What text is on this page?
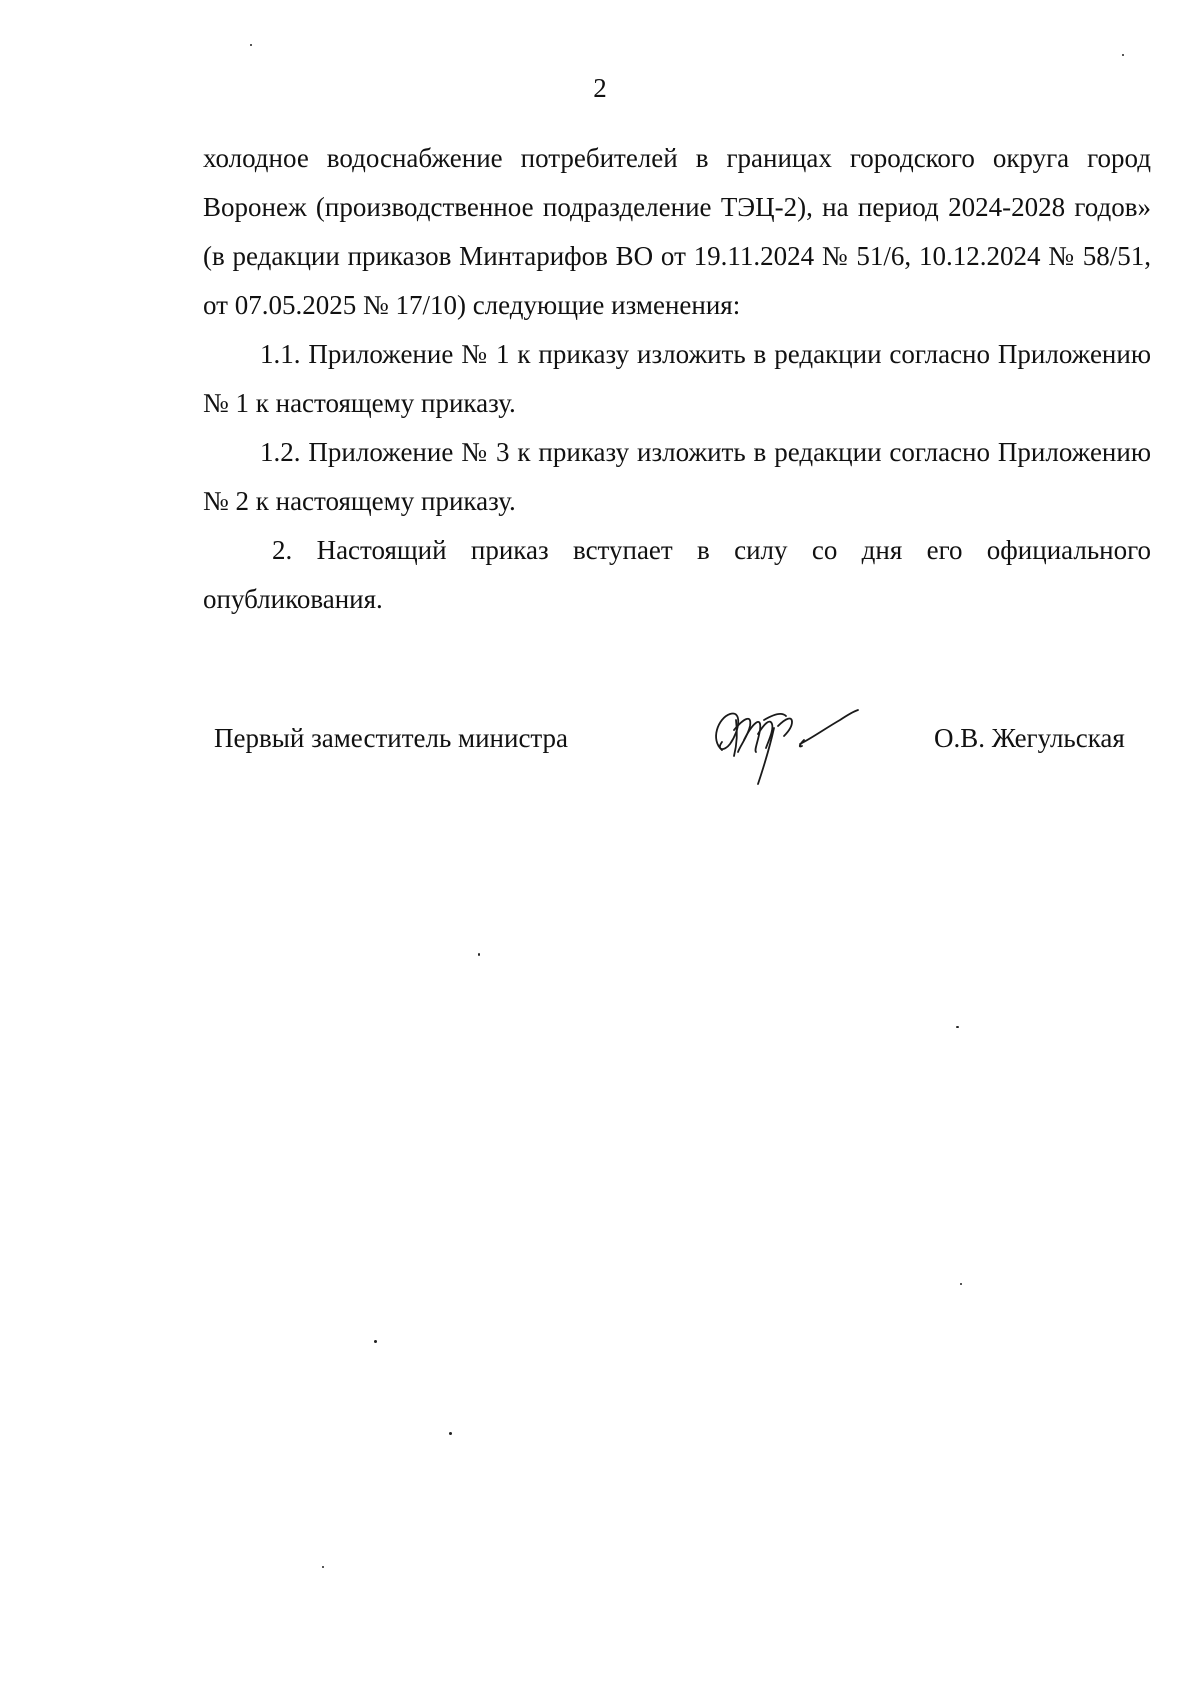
2

холодное водоснабжение потребителей в границах городского округа город Воронеж (производственное подразделение ТЭЦ-2), на период 2024-2028 годов» (в редакции приказов Минтарифов ВО от 19.11.2024 № 51/6, 10.12.2024 № 58/51, от 07.05.2025 № 17/10) следующие изменения:

1.1. Приложение № 1 к приказу изложить в редакции согласно Приложению № 1 к настоящему приказу.

1.2. Приложение № 3 к приказу изложить в редакции согласно Приложению № 2 к настоящему приказу.

2. Настоящий приказ вступает в силу со дня его официального опубликования.

Первый заместитель министра	О.В. Жегульская
